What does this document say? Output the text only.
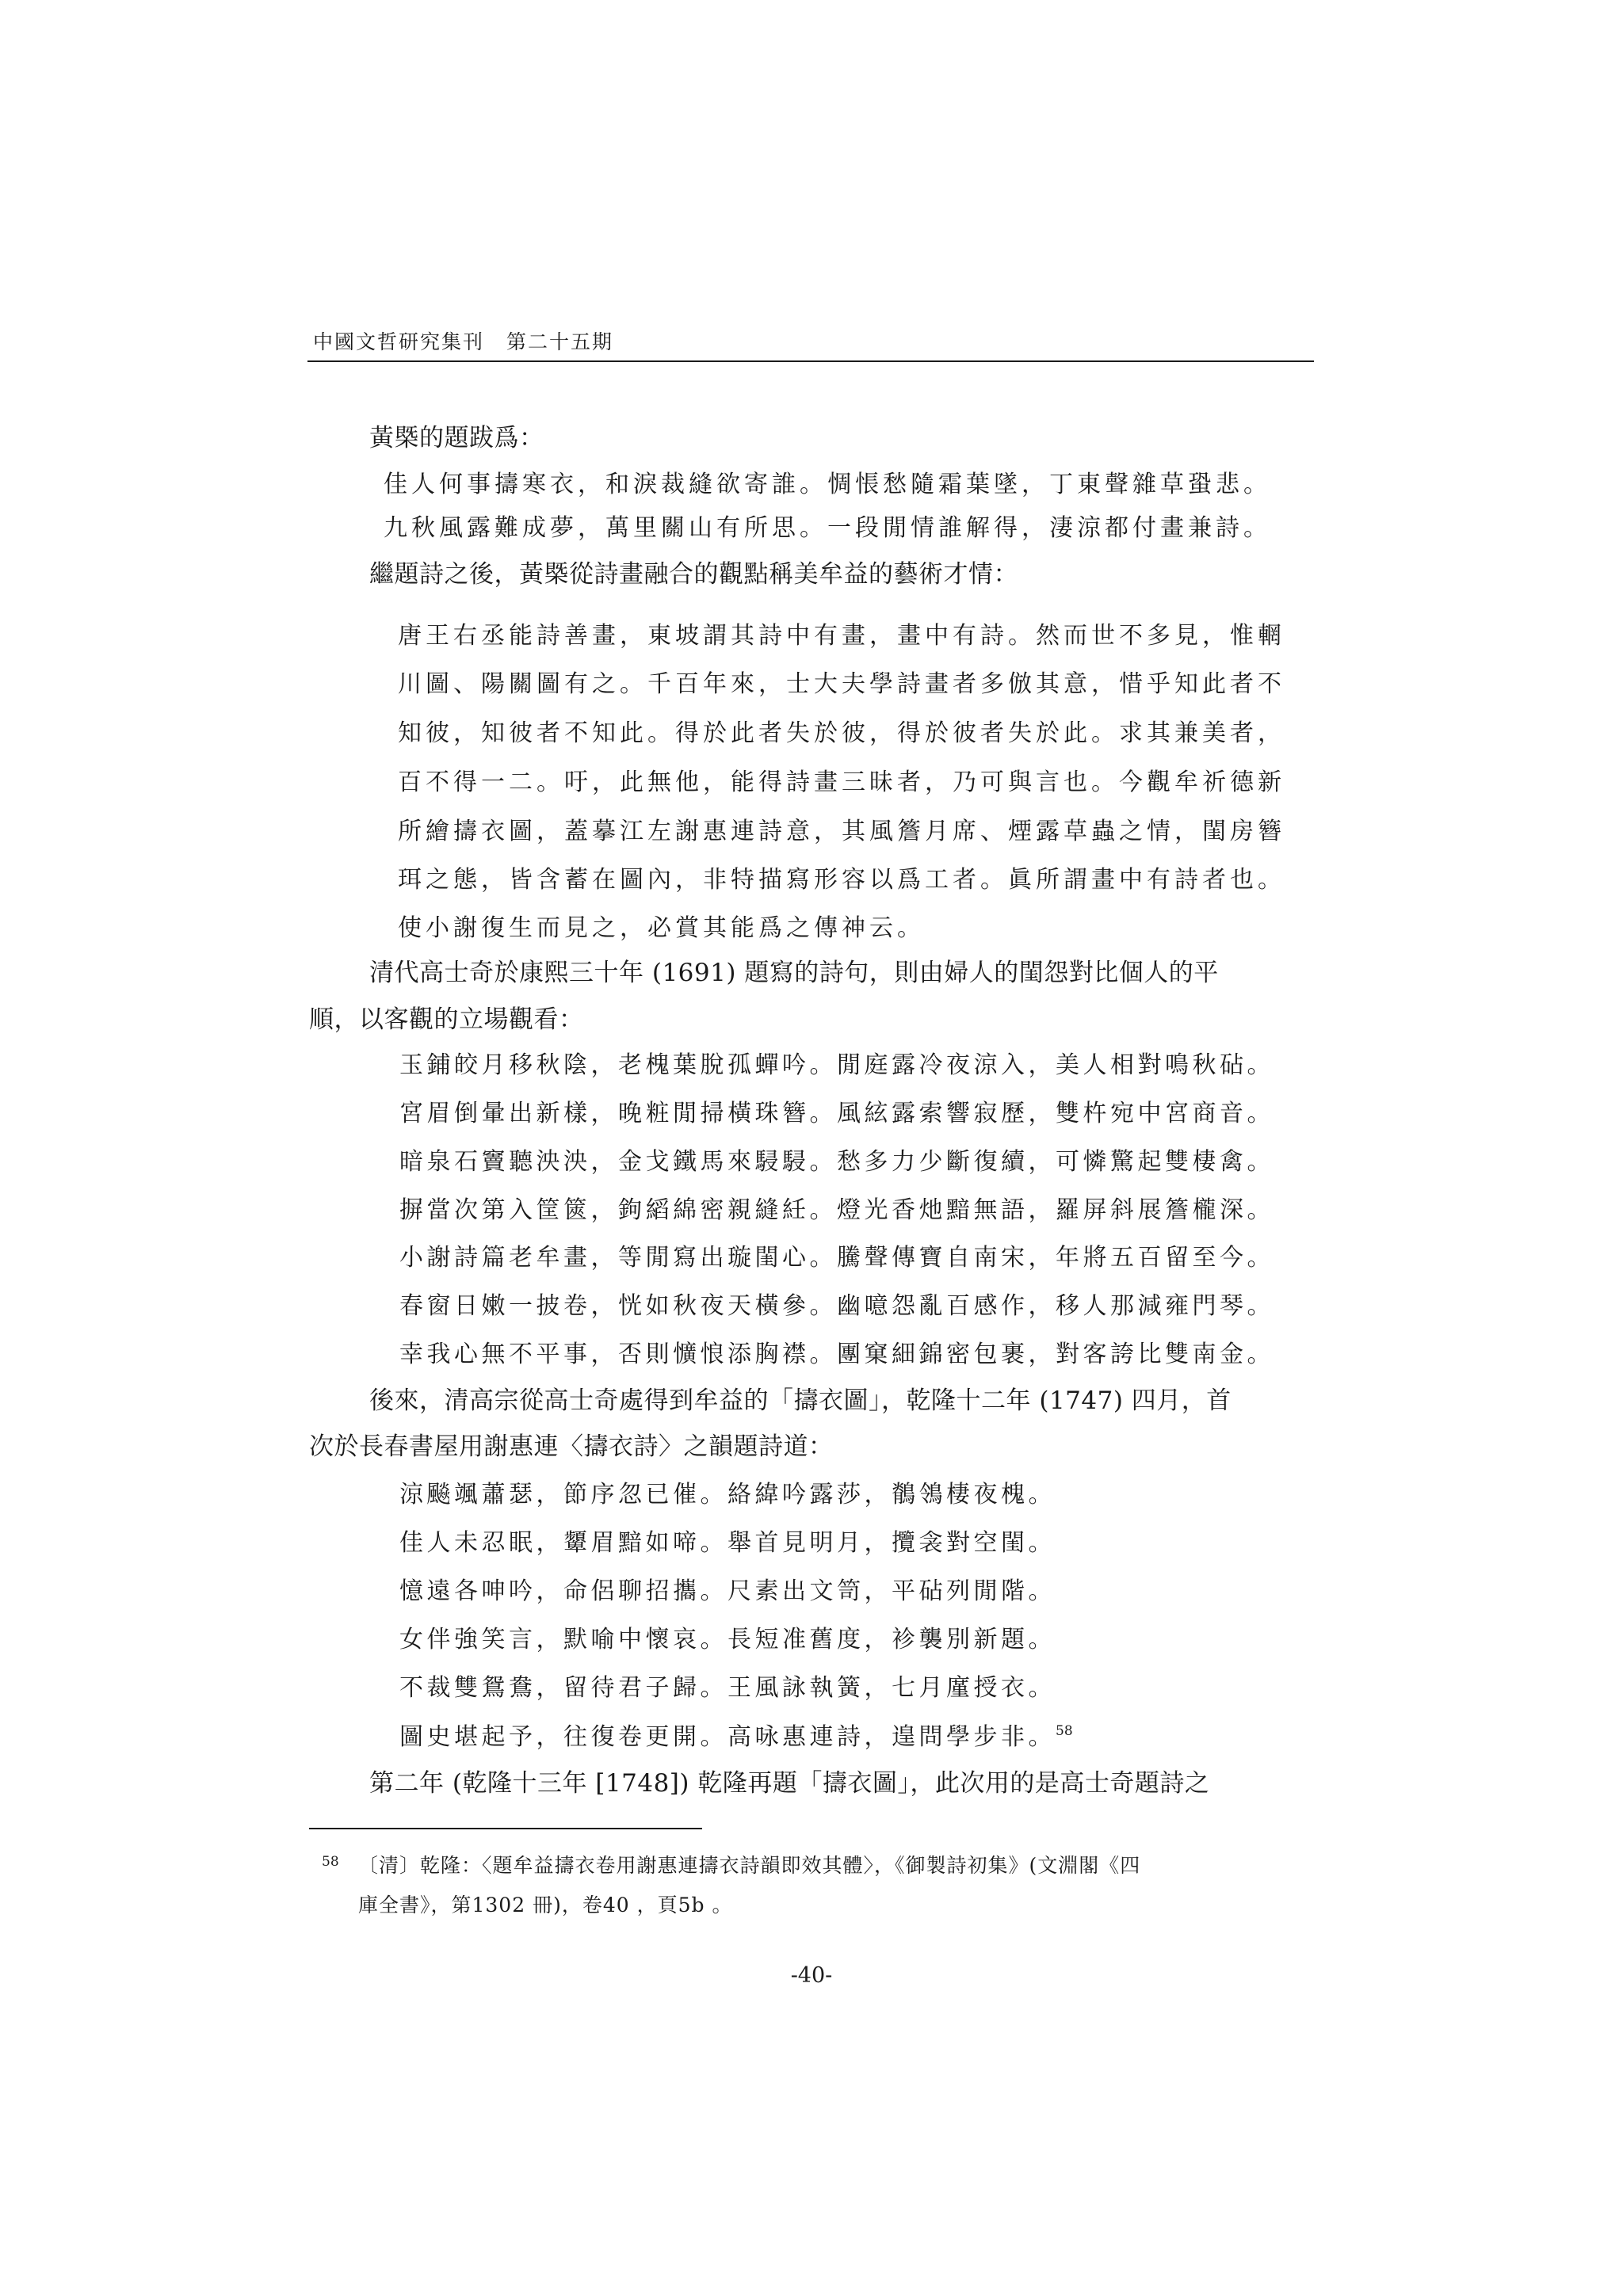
中國文哲研究集刊 第二十五期
黃槩的題跋爲：
佳人何事擣寒衣，和淚裁縫欲寄誰。惆悵愁隨霜葉墜，丁東聲雜草蛩悲。
九秋風露難成夢，萬里關山有所思。一段閒情誰解得，淒涼都付畫兼詩。
繼題詩之後，黃槩從詩畫融合的觀點稱美牟益的藝術才情：
唐王右丞能詩善畫，東坡謂其詩中有畫，畫中有詩。然而世不多見，惟輞
川圖、陽關圖有之。千百年來，士大夫學詩畫者多倣其意，惜乎知此者不
知彼，知彼者不知此。得於此者失於彼，得於彼者失於此。求其兼美者，
百不得一二。吁，此無他，能得詩畫三昧者，乃可與言也。今觀牟祈德新
所繪擣衣圖，蓋摹江左謝惠連詩意，其風簷月席、煙露草蟲之情，閨房簪
珥之態，皆含蓄在圖內，非特描寫形容以爲工者。眞所謂畫中有詩者也。
使小謝復生而見之，必賞其能爲之傳神云。
清代高士奇於康熙三十年 (1691) 題寫的詩句，則由婦人的閨怨對比個人的平
順，以客觀的立場觀看：
玉鋪皎月移秋陰，老槐葉脫孤蟬吟。閒庭露冷夜涼入，美人相對鳴秋砧。
宮眉倒暈出新樣，晚粧閒掃橫珠簪。風絃露索響寂歷，雙杵宛中宮商音。
暗泉石竇聽泱泱，金戈鐵馬來駸駸。愁多力少斷復續，可憐驚起雙棲禽。
摒當次第入筐篋，鉤縚綿密親縫紝。燈光香灺黯無語，羅屏斜展簷櫳深。
小謝詩篇老牟畫，等閒寫出璇閨心。騰聲傳寶自南宋，年將五百留至今。
春窗日嫩一披卷，恍如秋夜天橫參。幽噫怨亂百感作，移人那減雍門琴。
幸我心無不平事，否則懭悢添胸襟。團窠細錦密包裹，對客誇比雙南金。
後來，清高宗從高士奇處得到牟益的「擣衣圖」，乾隆十二年 (1747) 四月，首
次於長春書屋用謝惠連〈擣衣詩〉之韻題詩道：
涼飈颯蕭瑟，節序忽已催。絡緯吟露莎，鶺鴒棲夜槐。
佳人未忍眠，顰眉黯如啼。舉首見明月，攬衾對空閨。
憶遠各呻吟，命侶聊招攜。尺素出文笥，平砧列閒階。
女伴強笑言，默喻中懷哀。長短准舊度，袗襲別新題。
不裁雙鴛鴦，留待君子歸。王風詠執簧，七月廑授衣。
圖史堪起予，往復卷更開。高咏惠連詩，遑問學步非。$^{58}$
第二年 (乾隆十三年 [1748]) 乾隆再題「擣衣圖」，此次用的是高士奇題詩之
58 〔清〕乾隆：〈題牟益擣衣卷用謝惠連擣衣詩韻即效其體〉，《御製詩初集》(文淵閣《四
庫全書》，第1302 冊)，卷40 ，頁5b 。
-40-
